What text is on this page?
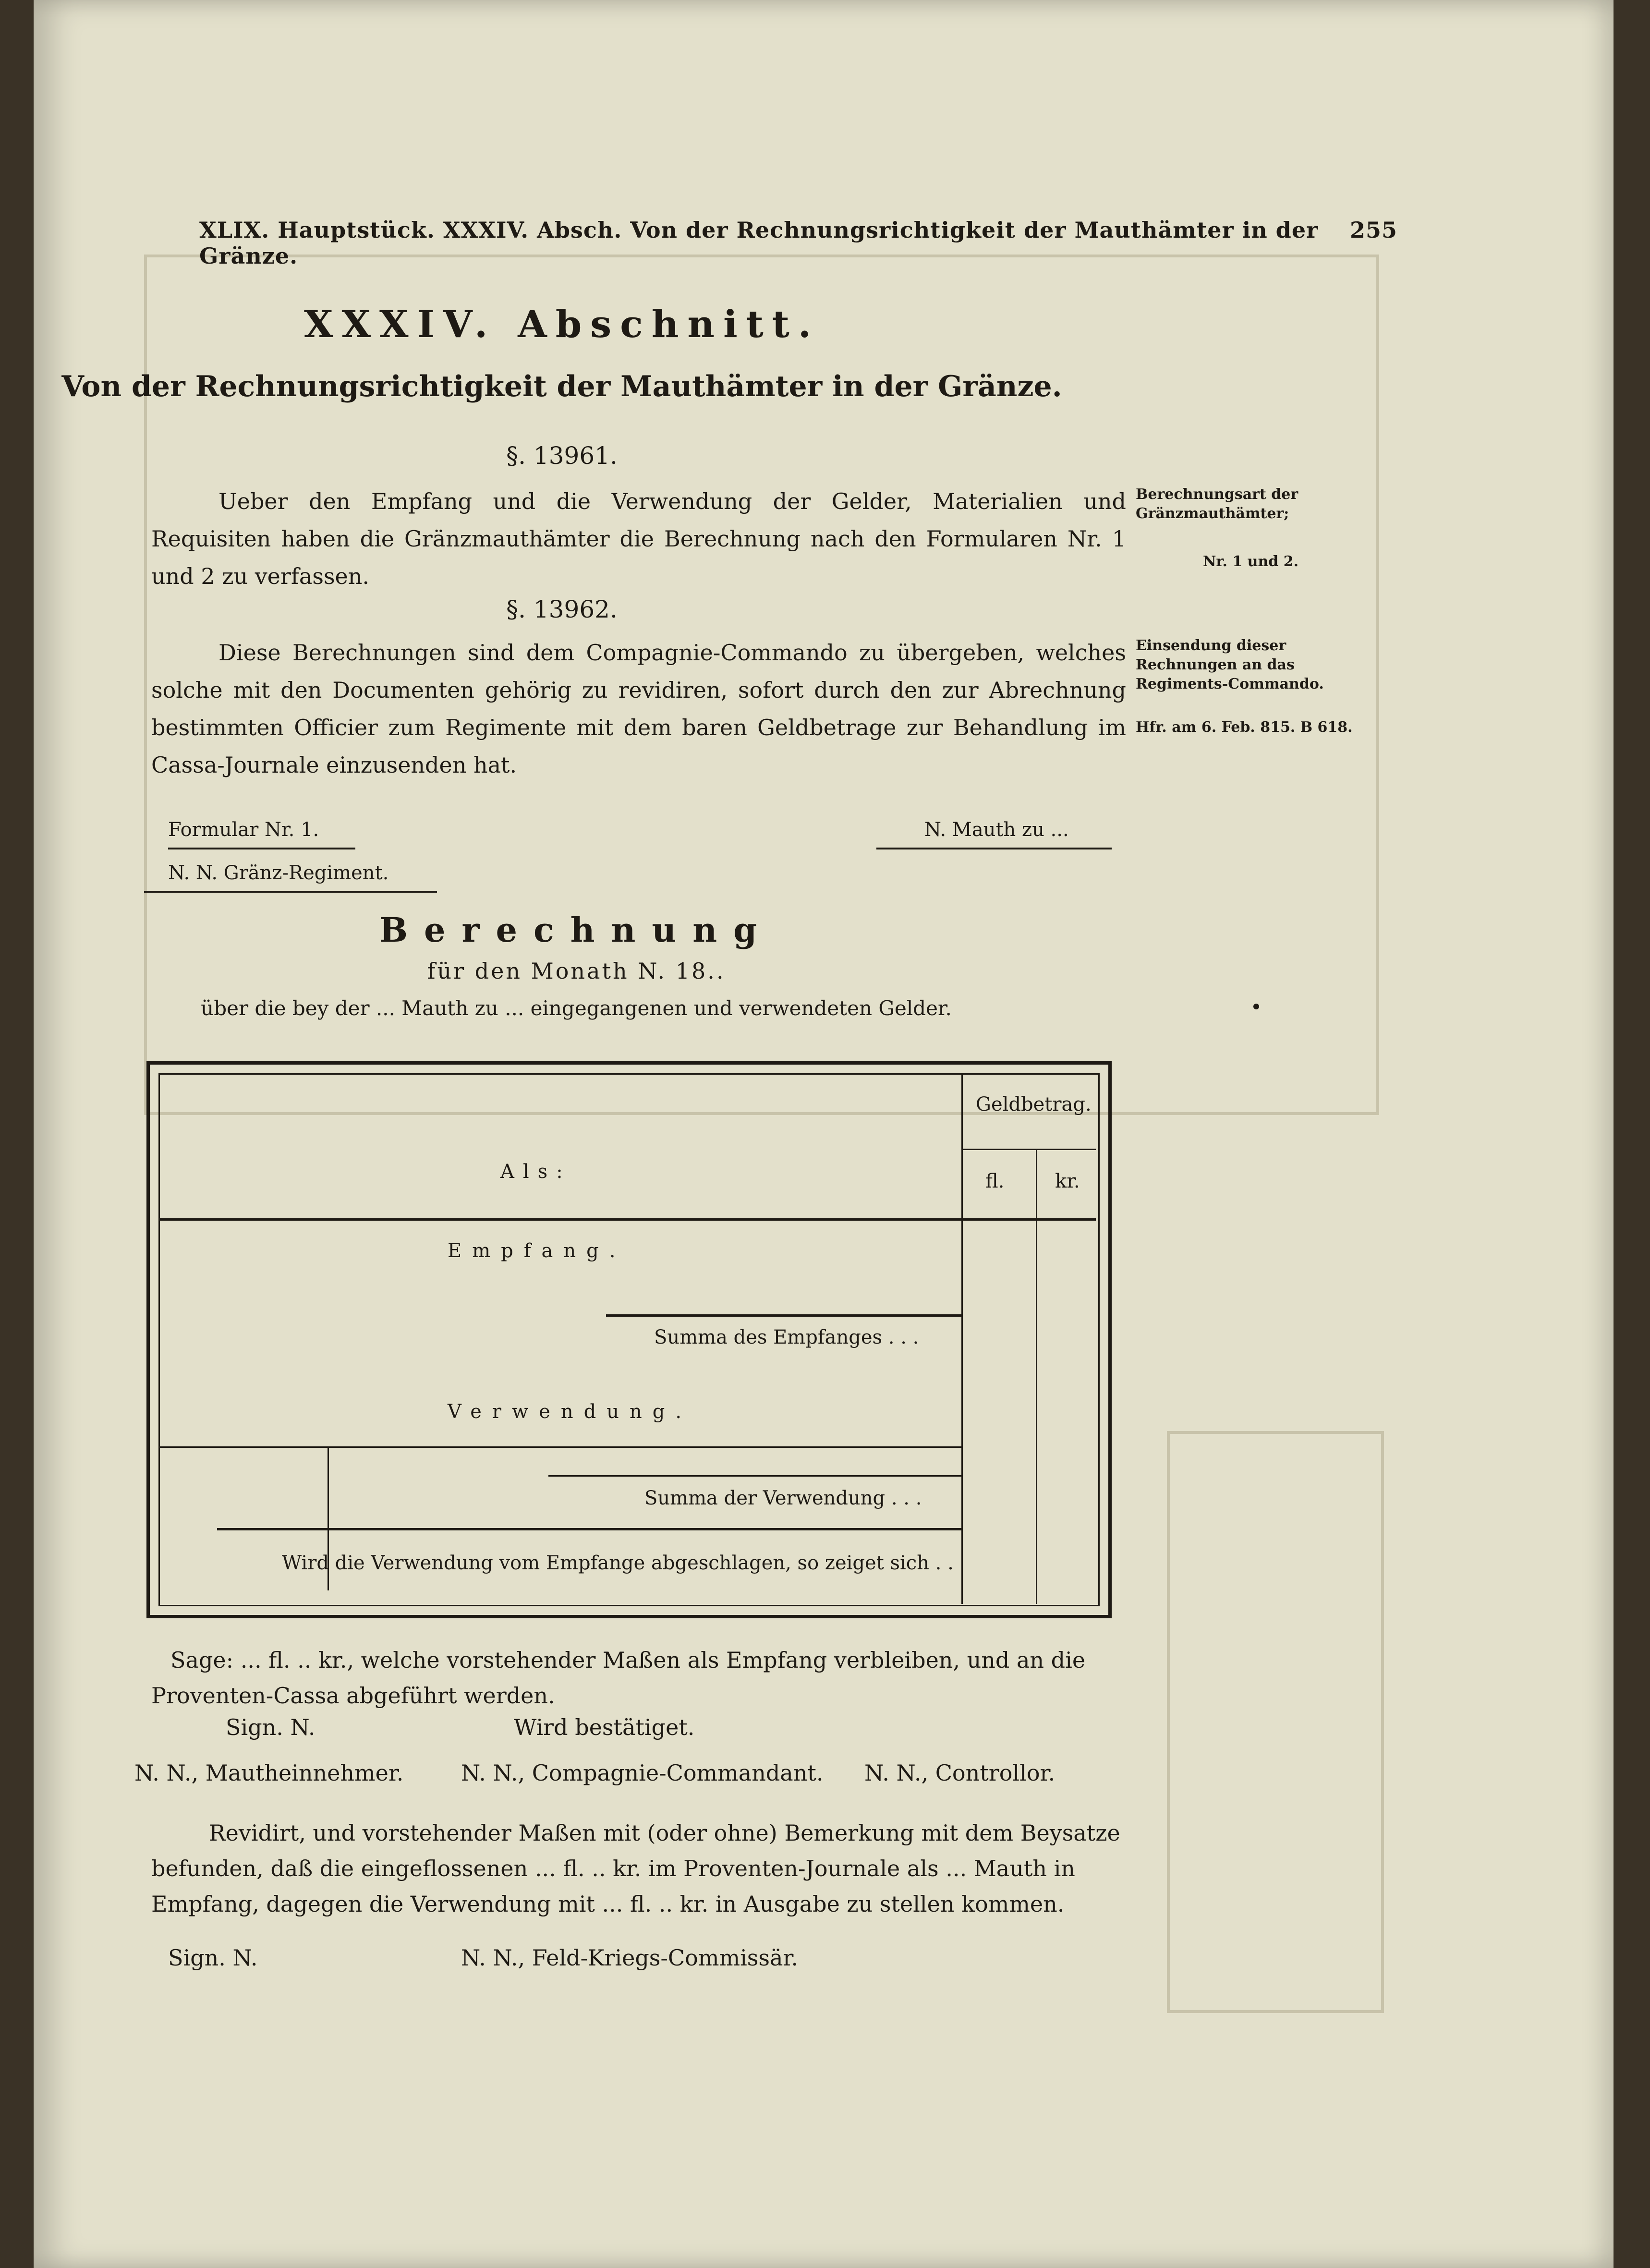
XLIX. Hauptstück. XXXIV. Absch. Von der Rechnungsrichtigkeit der Mauthämter in der Gränze.
255
XXXIV. Abschnitt.
Von der Rechnungsrichtigkeit der Mauthämter in der Gränze.
§. 13961.
Ueber den Empfang und die Verwendung der Gelder, Materialien und Requisiten haben die Gränzmauthämter die Berechnung nach den Formularen Nr. 1 und 2 zu verfassen.
Berechnungsart der Gränzmauthämter;
Nr. 1 und 2.
§. 13962.
Diese Berechnungen sind dem Compagnie-Commando zu übergeben, welches solche mit den Documenten gehörig zu revidiren, sofort durch den zur Abrechnung bestimmten Officier zum Regimente mit dem baren Geldbetrage zur Behandlung im Cassa-Journale einzusenden hat.
Einsendung dieser Rechnungen an das Regiments-Commando.
Hfr. am 6. Feb. 815. B 618.
Formular Nr. 1.	N. Mauth zu ...
N. N. Gränz-Regiment.
Berechnung
für den Monath N. 18..
über die bey der ... Mauth zu ... eingegangenen und verwendeten Gelder.
Geldbetrag.
fl.	kr.
Als:
Empfang.
Summa des Empfanges . . .
Verwendung.
Summa der Verwendung . . .
Wird die Verwendung vom Empfange abgeschlagen, so zeiget sich . .
Sage: ... fl. .. kr., welche vorstehender Maßen als Empfang verbleiben, und an die Proventen-Cassa abgeführt werden.
Sign. N.	Wird bestätiget.
N. N., Mautheinnehmer.	N. N., Compagnie-Commandant. N. N., Controllor.
Revidirt, und vorstehender Maßen mit (oder ohne) Bemerkung mit dem Beysatze befunden, daß die eingeflossenen ... fl. .. kr. im Proventen-Journale als ... Mauth in Empfang, dagegen die Verwendung mit ... fl. .. kr. in Ausgabe zu stellen kommen.
Sign. N.	N. N., Feld-Kriegs-Commissär.
